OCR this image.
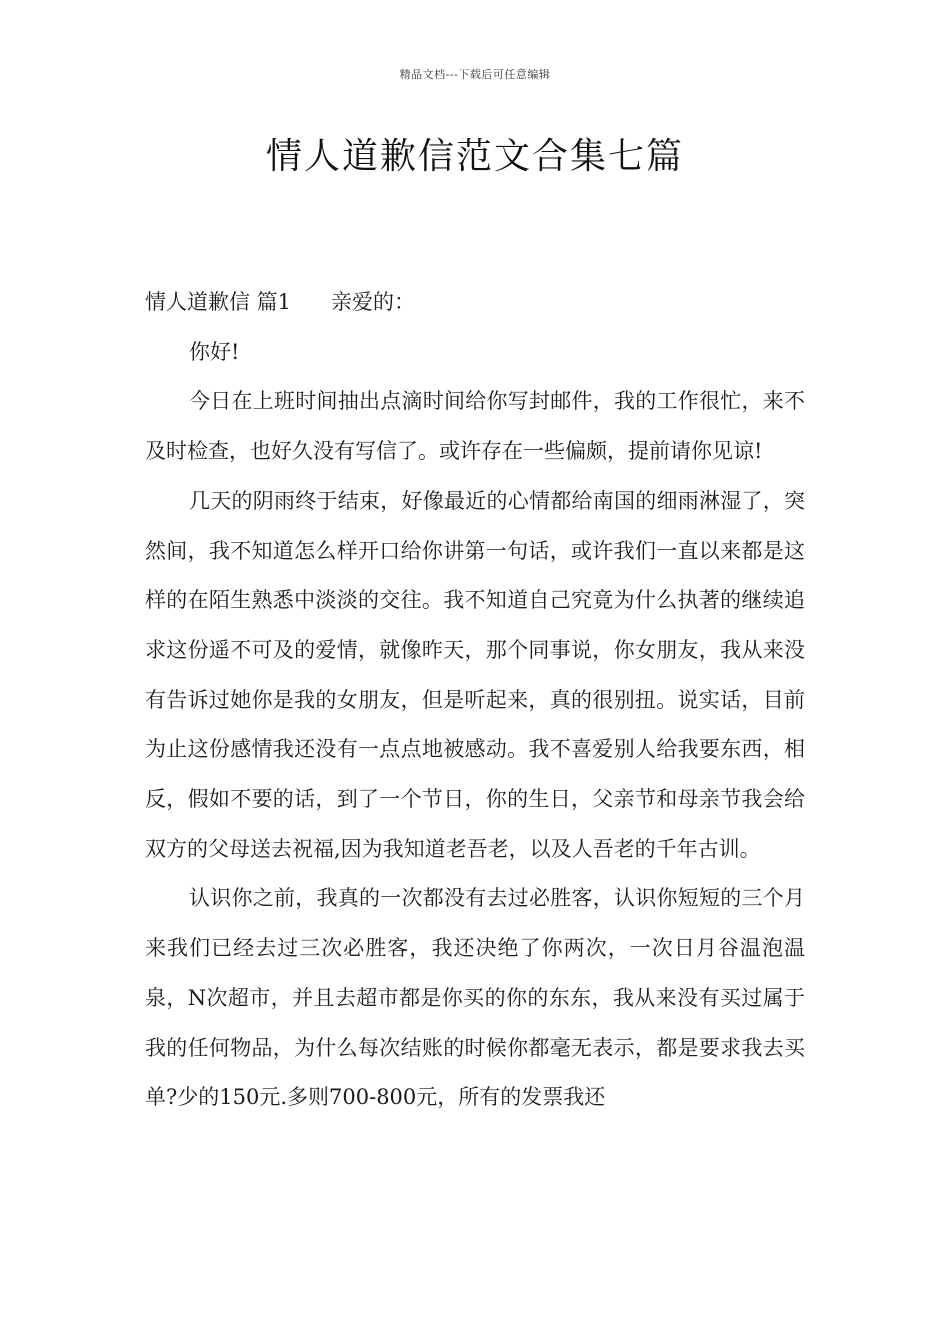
精品文档---下载后可任意编辑
情人道歉信范文合集七篇

情人道歉信 篇1 亲爱的：

你好!

今日在上班时间抽出点滴时间给你写封邮件，我的工作很忙，来不及时检查，也好久没有写信了。或许存在一些偏颇，提前请你见谅!

几天的阴雨终于结束，好像最近的心情都给南国的细雨淋湿了，突然间，我不知道怎么样开口给你讲第一句话，或许我们一直以来都是这样的在陌生熟悉中淡淡的交往。我不知道自己究竟为什么执著的继续追求这份遥不可及的爱情，就像昨天，那个同事说，你女朋友，我从来没有告诉过她你是我的女朋友，但是听起来，真的很别扭。说实话，目前为止这份感情我还没有一点点地被感动。我不喜爱别人给我要东西，相反，假如不要的话，到了一个节日，你的生日，父亲节和母亲节我会给双方的父母送去祝福,因为我知道老吾老，以及人吾老的千年古训。

认识你之前，我真的一次都没有去过必胜客，认识你短短的三个月来我们已经去过三次必胜客，我还决绝了你两次，一次日月谷温泡温泉，N次超市，并且去超市都是你买的你的东东，我从来没有买过属于我的任何物品，为什么每次结账的时候你都毫无表示，都是要求我去买单?少的150元.多则700-800元，所有的发票我还
